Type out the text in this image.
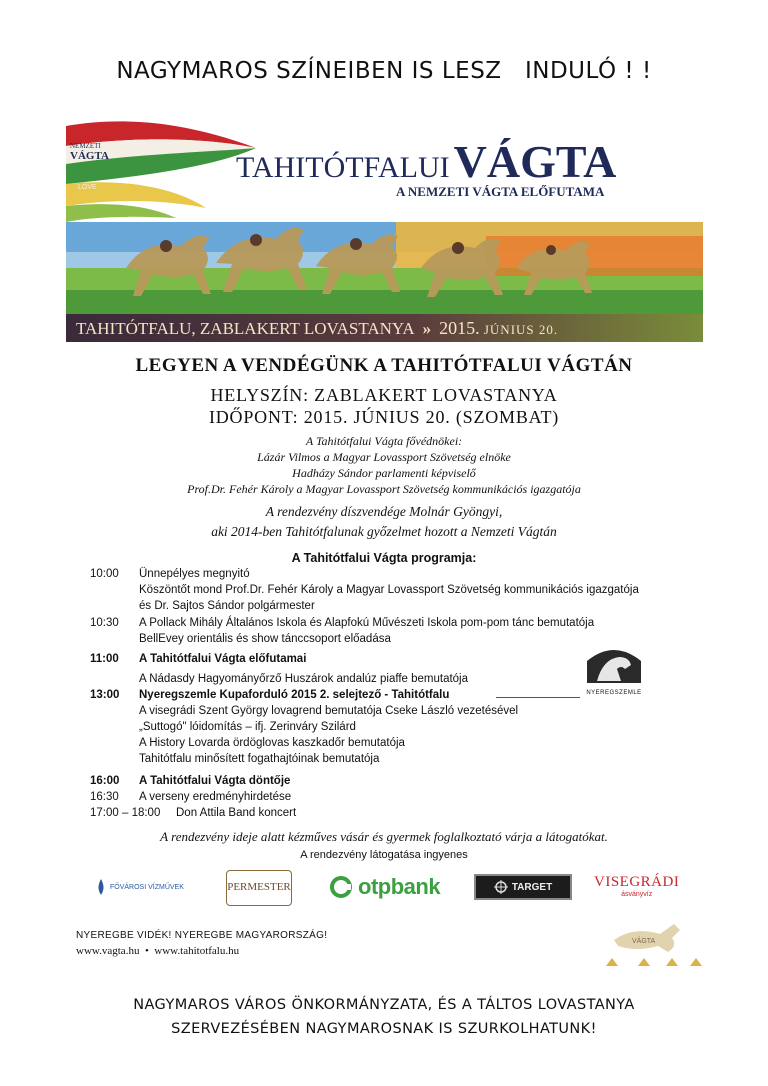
NAGYMAROS SZÍNEIBEN IS LESZ   INDULÓ ! !
NEMZETI
VÁGTA
LOVE
TAHITÓTFALUIVÁGTA
A NEMZETI VÁGTA ELŐFUTAMA
TAHITÓTFALU, ZABLAKERT LOVASTANYA » 2015. JÚNIUS 20.
LEGYEN A VENDÉGÜNK A TAHITÓTFALUI VÁGTÁN
HELYSZÍN: ZABLAKERT LOVASTANYA
IDŐPONT: 2015. JÚNIUS 20. (SZOMBAT)
A Tahitótfalui Vágta fővédnökei:
Lázár Vilmos a Magyar Lovassport Szövetség elnöke
Hadházy Sándor parlamenti képviselő
Prof.Dr. Fehér Károly a Magyar Lovassport Szövetség kommunikációs igazgatója
A rendezvény díszvendége Molnár Gyöngyi,
aki 2014-ben Tahitótfalunak győzelmet hozott a Nemzeti Vágtán
A Tahitótfalui Vágta programja:
10:00 Ünnepélyes megnyitó
Köszöntőt mond Prof.Dr. Fehér Károly a Magyar Lovassport Szövetség kommunikációs igazgatója
és Dr. Sajtos Sándor polgármester
10:30 A Pollack Mihály Általános Iskola és Alapfokú Művészeti Iskola pom-pom tánc bemutatója
BellEvey orientális és show táncсsoport előadása
11:00 A Tahitótfalui Vágta előfutamai
A Nádasdy Hagyományőrző Huszárok andalúz piaffe bemutatója
13:00 Nyeregszemle Kupaforduló 2015 2. selejtező - Tahitótfalu
A visegrádi Szent György lovagrend bemutatója Cseke László vezetésével
„Suttogó" lóidomítás – ifj. Zerinváry Szilárd
A History Lovarda ördöglovas kaszkadőr bemutatója
Tahitótfalu minősített fogathajtóinak bemutatója
16:00 A Tahitótfalui Vágta döntője
16:30 A verseny eredményhirdetése
17:00 – 18:00 Don Attila Band koncert
NYEREGSZEMLE
A rendezvény ideje alatt kézműves vásár és gyermek foglalkoztató várja a látogatókat.
A rendezvény látogatása ingyenes
FŐVÁROSI VÍZMŰVEK	PERMESTER	otpbank	TARGET	VISEGRÁDI
ásványvíz
NYEREGBE VIDÉK! NYEREGBE MAGYARORSZÁG!
www.vagta.hu  •  www.tahitotfalu.hu
VÁGTA
NAGYMAROS VÁROS ÖNKORMÁNYZATA, ÉS A TÁLTOS LOVASTANYA
SZERVEZÉSÉBEN NAGYMAROSNAK IS SZURKOLHATUNK!
